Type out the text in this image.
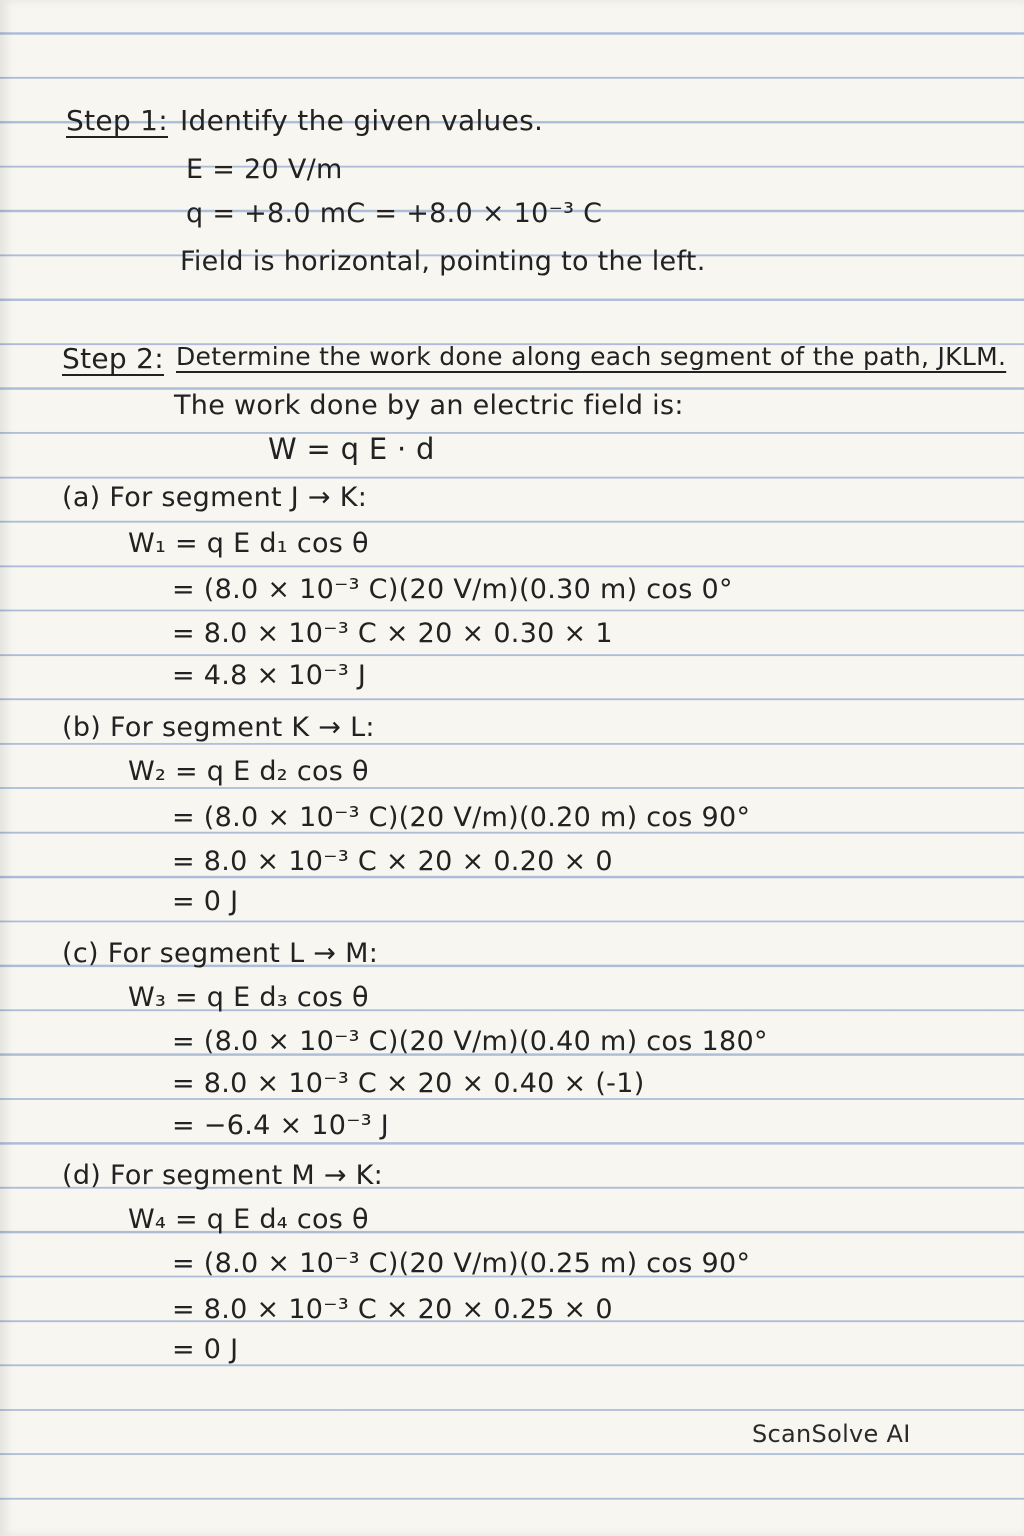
Step 1: Identify the given values.
E = 20 V/m
q = +8.0 mC = +8.0 × 10⁻³ C
Field is horizontal, pointing to the left.
Step 2: Determine the work done along each segment of the path, JKLM.
The work done by an electric field is:
W = q E · d
(a) For segment J → K:
W₁ = q E d₁ cos θ
= (8.0 × 10⁻³ C)(20 V/m)(0.30 m) cos 0°
= 8.0 × 10⁻³ C × 20 × 0.30 × 1
= 4.8 × 10⁻³ J
(b) For segment K → L:
W₂ = q E d₂ cos θ
= (8.0 × 10⁻³ C)(20 V/m)(0.20 m) cos 90°
= 8.0 × 10⁻³ C × 20 × 0.20 × 0
= 0 J
(c) For segment L → M:
W₃ = q E d₃ cos θ
= (8.0 × 10⁻³ C)(20 V/m)(0.40 m) cos 180°
= 8.0 × 10⁻³ C × 20 × 0.40 × (-1)
= −6.4 × 10⁻³ J
(d) For segment M → K:
W₄ = q E d₄ cos θ
= (8.0 × 10⁻³ C)(20 V/m)(0.25 m) cos 90°
= 8.0 × 10⁻³ C × 20 × 0.25 × 0
= 0 J
ScanSolve AI
